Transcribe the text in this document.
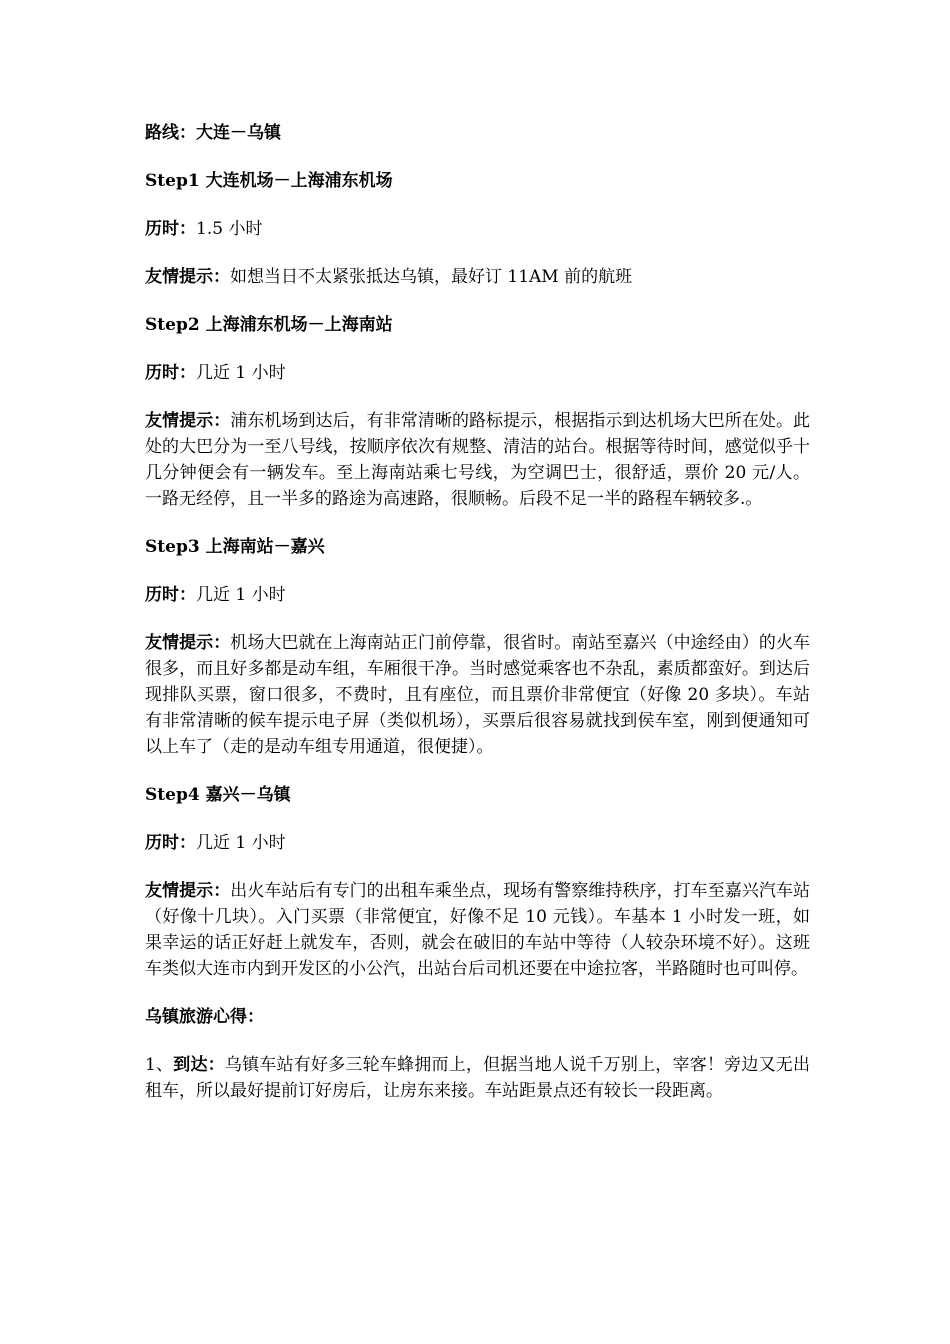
路线：大连－乌镇

Step1 大连机场－上海浦东机场

历时：1.5 小时

友情提示：如想当日不太紧张抵达乌镇，最好订 11AM 前的航班

Step2 上海浦东机场－上海南站

历时：几近 1 小时

友情提示：浦东机场到达后，有非常清晰的路标提示，根据指示到达机场大巴所在处。此处的大巴分为一至八号线，按顺序依次有规整、清洁的站台。根据等待时间，感觉似乎十几分钟便会有一辆发车。至上海南站乘七号线，为空调巴士，很舒适，票价 20 元/人。一路无经停，且一半多的路途为高速路，很顺畅。后段不足一半的路程车辆较多.。

Step3 上海南站－嘉兴

历时：几近 1 小时

友情提示：机场大巴就在上海南站正门前停靠，很省时。南站至嘉兴（中途经由）的火车很多，而且好多都是动车组，车厢很干净。当时感觉乘客也不杂乱，素质都蛮好。到达后现排队买票，窗口很多，不费时，且有座位，而且票价非常便宜（好像 20 多块）。车站有非常清晰的候车提示电子屏（类似机场），买票后很容易就找到侯车室，刚到便通知可以上车了（走的是动车组专用通道，很便捷）。

Step4 嘉兴－乌镇

历时：几近 1 小时

友情提示：出火车站后有专门的出租车乘坐点，现场有警察维持秩序，打车至嘉兴汽车站（好像十几块）。入门买票（非常便宜，好像不足 10 元钱）。车基本 1 小时发一班，如果幸运的话正好赶上就发车，否则，就会在破旧的车站中等待（人较杂环境不好）。这班车类似大连市内到开发区的小公汽，出站台后司机还要在中途拉客，半路随时也可叫停。

乌镇旅游心得：

1、到达：乌镇车站有好多三轮车蜂拥而上，但据当地人说千万别上，宰客！旁边又无出租车，所以最好提前订好房后，让房东来接。车站距景点还有较长一段距离。
